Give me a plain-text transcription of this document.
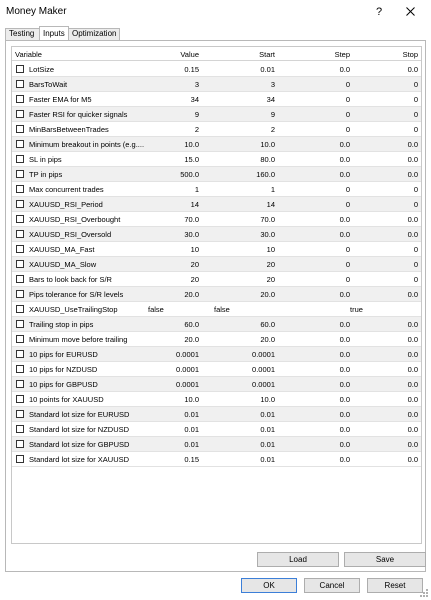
Money Maker	?
Testing	Inputs Optimization
Variable	Value	Start	Step	Stop
LotSize	0.15	0.01	0.0	0.0
BarsToWait	3	3	0	0
Faster EMA for M5	34	34	0	0
Faster RSI for quicker signals	9	9	0	0
MinBarsBetweenTrades	2	2	0	0
Minimum breakout in points (e.g....	10.0	10.0	0.0	0.0
SL in pips	15.0	80.0	0.0	0.0
TP in pips	500.0	160.0	0.0	0.0
Max concurrent trades	1	1	0	0
XAUUSD_RSI_Period	14	14	0	0
XAUUSD_RSI_Overbought	70.0	70.0	0.0	0.0
XAUUSD_RSI_Oversold	30.0	30.0	0.0	0.0
XAUUSD_MA_Fast	10	10	0	0
XAUUSD_MA_Slow	20	20	0	0
Bars to look back for S/R	20	20	0	0
Pips tolerance for S/R levels	20.0	20.0	0.0	0.0
XAUUSD_UseTrailingStop	false	false	true
Trailing stop in pips	60.0	60.0	0.0	0.0
Minimum move before trailing	20.0	20.0	0.0	0.0
10 pips for EURUSD	0.0001	0.0001	0.0	0.0
10 pips for NZDUSD	0.0001	0.0001	0.0	0.0
10 pips for GBPUSD	0.0001	0.0001	0.0	0.0
10 points for XAUUSD	10.0	10.0	0.0	0.0
Standard lot size for EURUSD	0.01	0.01	0.0	0.0
Standard lot size for NZDUSD	0.01	0.01	0.0	0.0
Standard lot size for GBPUSD	0.01	0.01	0.0	0.0
Standard lot size for XAUUSD	0.15	0.01	0.0	0.0
Load	Save
OK	Cancel	Reset
